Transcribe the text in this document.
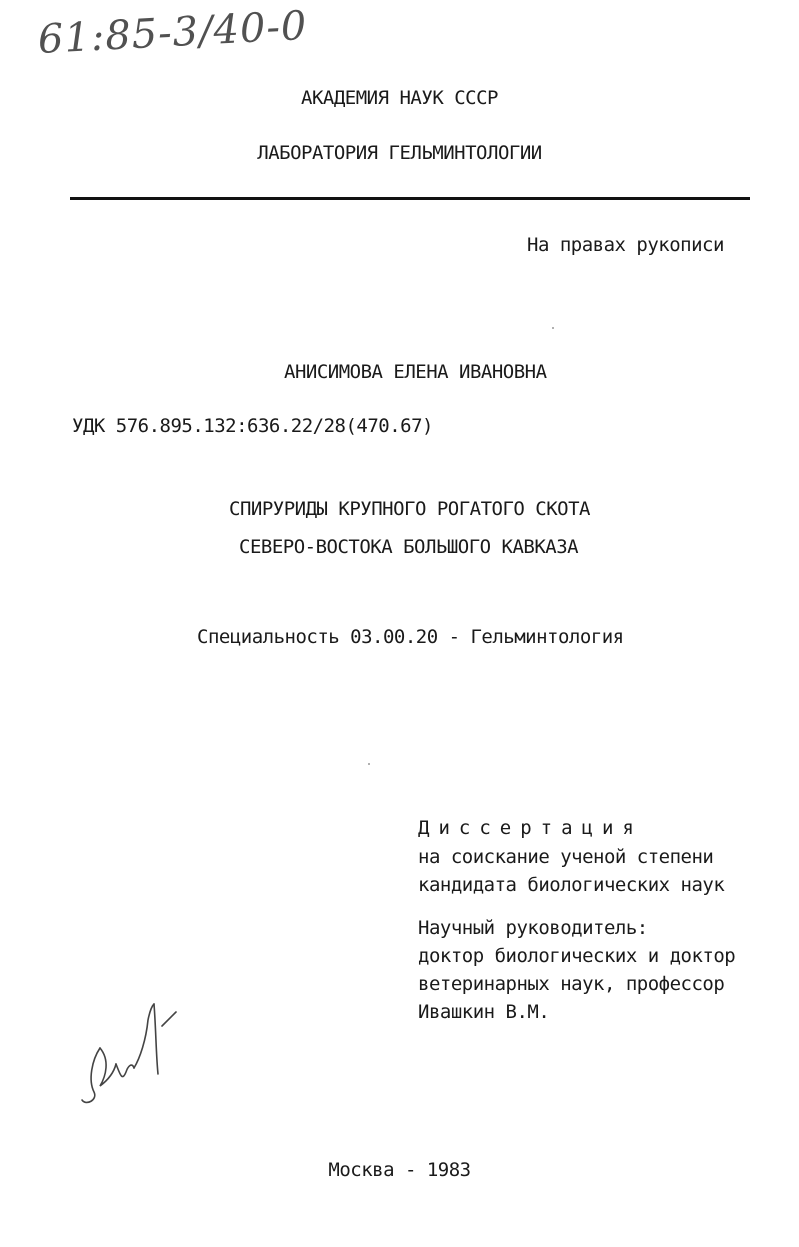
61:85-3/40-0
АКАДЕМИЯ НАУК СССР
ЛАБОРАТОРИЯ ГЕЛЬМИНТОЛОГИИ
На правах рукописи
АНИСИМОВА ЕЛЕНА ИВАНОВНА
УДК 576.895.132:636.22/28(470.67)
СПИРУРИДЫ КРУПНОГО РОГАТОГО СКОТА
СЕВЕРО-ВОСТОКА БОЛЬШОГО КАВКАЗА
Специальность 03.00.20 - Гельминтология
Диссертация
на соискание ученой степени
кандидата биологических наук
Научный руководитель:
доктор биологических и доктор
ветеринарных наук, профессор
Ивашкин В.М.
Москва - 1983
